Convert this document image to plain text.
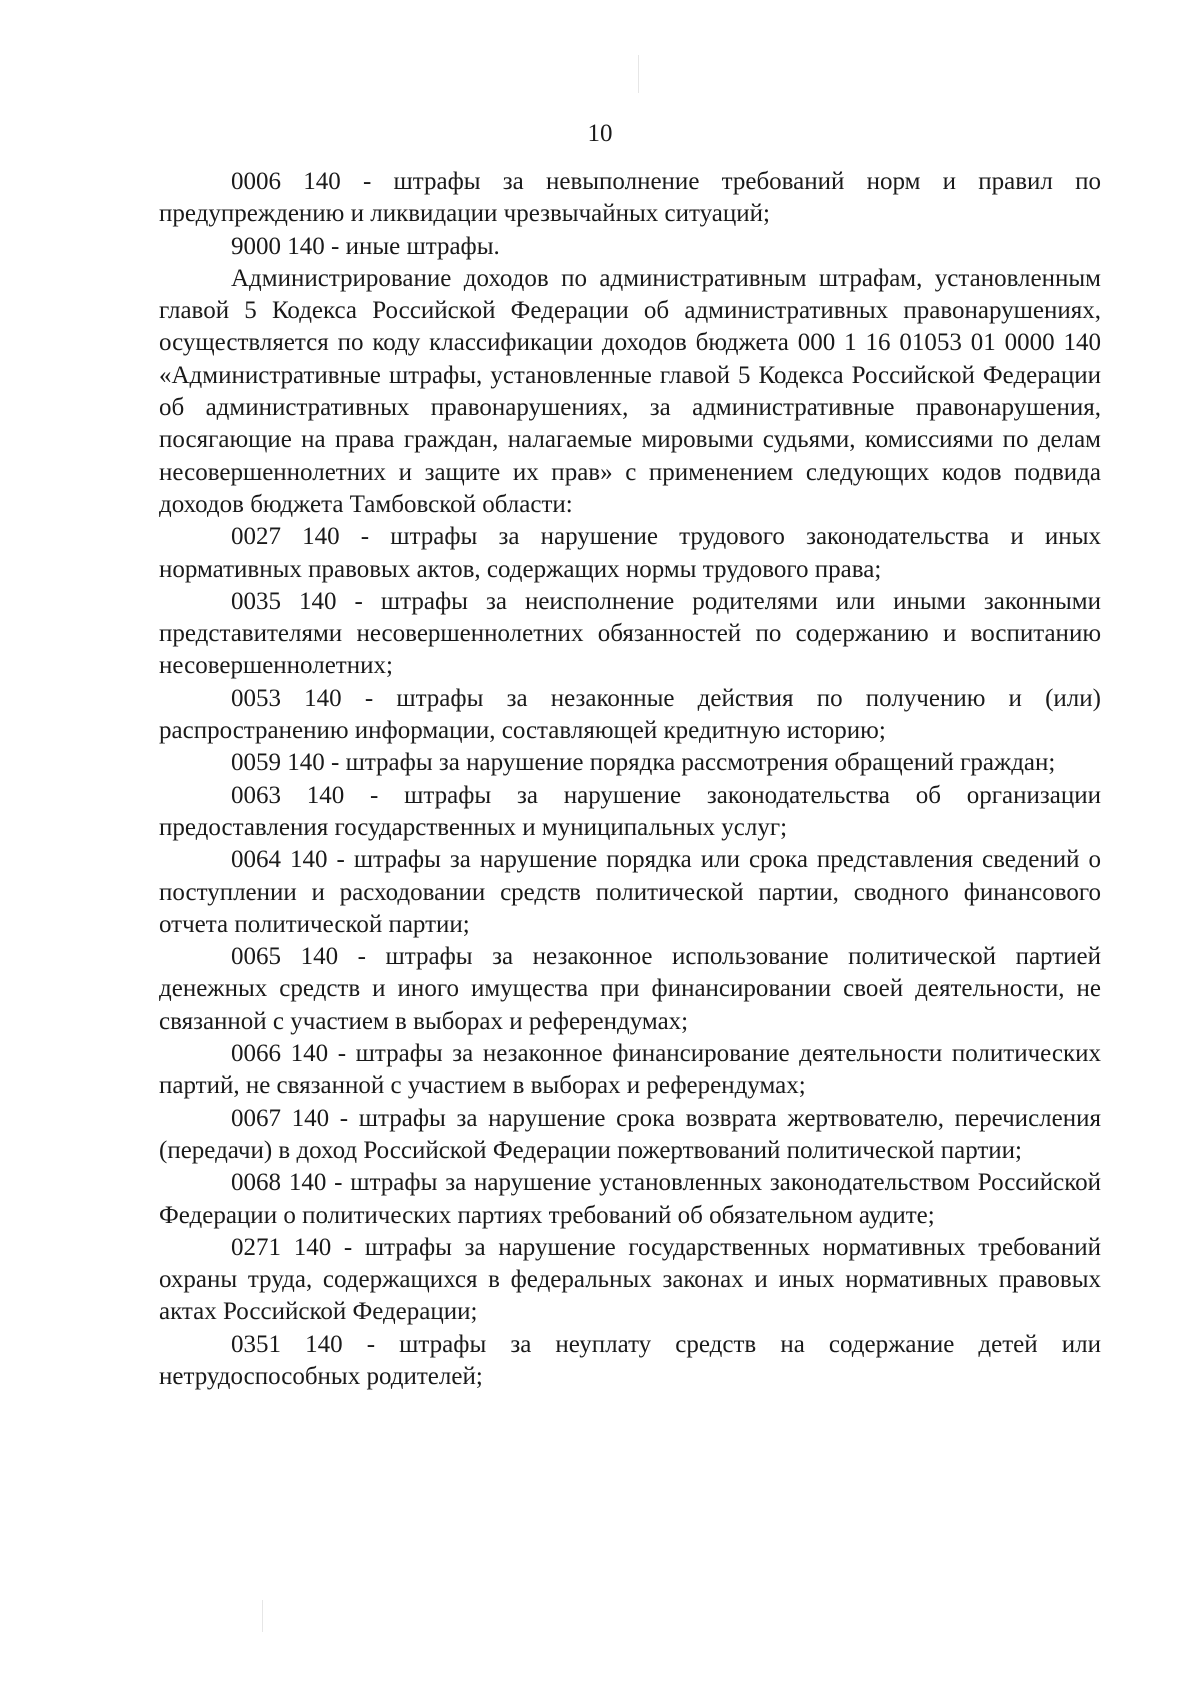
10

0006 140 - штрафы за невыполнение требований норм и правил по предупреждению и ликвидации чрезвычайных ситуаций;

9000 140 - иные штрафы.

Администрирование доходов по административным штрафам, установленным главой 5 Кодекса Российской Федерации об административных правонарушениях, осуществляется по коду классификации доходов бюджета 000 1 16 01053 01 0000 140 «Административные штрафы, установленные главой 5 Кодекса Российской Федерации об административных правонарушениях, за административные правонарушения, посягающие на права граждан, налагаемые мировыми судьями, комиссиями по делам несовершеннолетних и защите их прав» с применением следующих кодов подвида доходов бюджета Тамбовской области:

0027 140 - штрафы за нарушение трудового законодательства и иных нормативных правовых актов, содержащих нормы трудового права;

0035 140 - штрафы за неисполнение родителями или иными законными представителями несовершеннолетних обязанностей по содержанию и воспитанию несовершеннолетних;

0053 140 - штрафы за незаконные действия по получению и (или) распространению информации, составляющей кредитную историю;

0059 140 - штрафы за нарушение порядка рассмотрения обращений граждан;

0063 140 - штрафы за нарушение законодательства об организации предоставления государственных и муниципальных услуг;

0064 140 - штрафы за нарушение порядка или срока представления сведений о поступлении и расходовании средств политической партии, сводного финансового отчета политической партии;

0065 140 - штрафы за незаконное использование политической партией денежных средств и иного имущества при финансировании своей деятельности, не связанной с участием в выборах и референдумах;

0066 140 - штрафы за незаконное финансирование деятельности политических партий, не связанной с участием в выборах и референдумах;

0067 140 - штрафы за нарушение срока возврата жертвователю, перечисления (передачи) в доход Российской Федерации пожертвований политической партии;

0068 140 - штрафы за нарушение установленных законодательством Российской Федерации о политических партиях требований об обязательном аудите;

0271 140 - штрафы за нарушение государственных нормативных требований охраны труда, содержащихся в федеральных законах и иных нормативных правовых актах Российской Федерации;

0351 140 - штрафы за неуплату средств на содержание детей или нетрудоспособных родителей;
